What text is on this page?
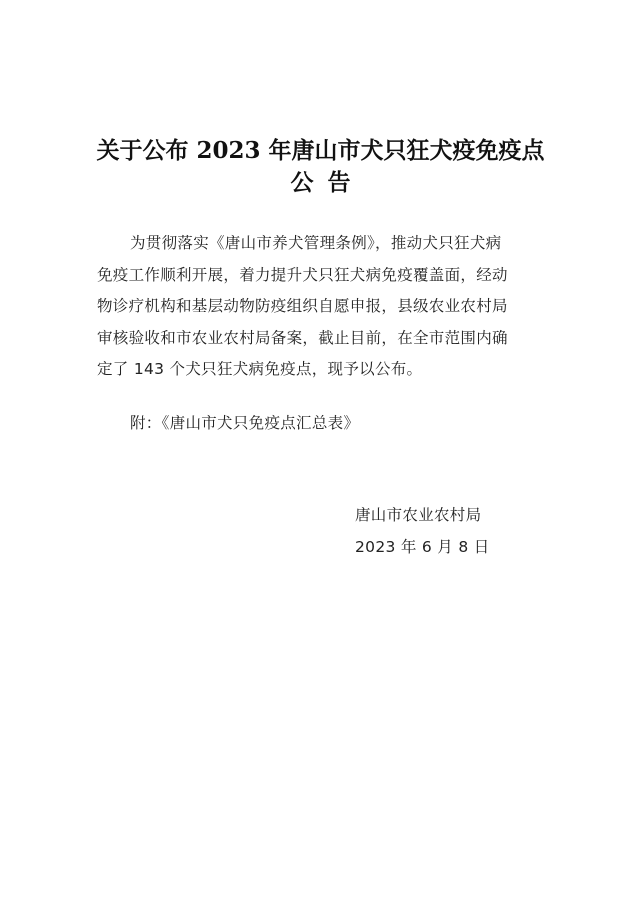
关于公布 2023 年唐山市犬只狂犬疫免疫点
公告

为贯彻落实《唐山市养犬管理条例》，推动犬只狂犬病
免疫工作顺利开展，着力提升犬只狂犬病免疫覆盖面，经动
物诊疗机构和基层动物防疫组织自愿申报，县级农业农村局
审核验收和市农业农村局备案，截止目前，在全市范围内确
定了 143 个犬只狂犬病免疫点，现予以公布。

附：《唐山市犬只免疫点汇总表》

唐山市农业农村局

2023 年 6 月 8 日
